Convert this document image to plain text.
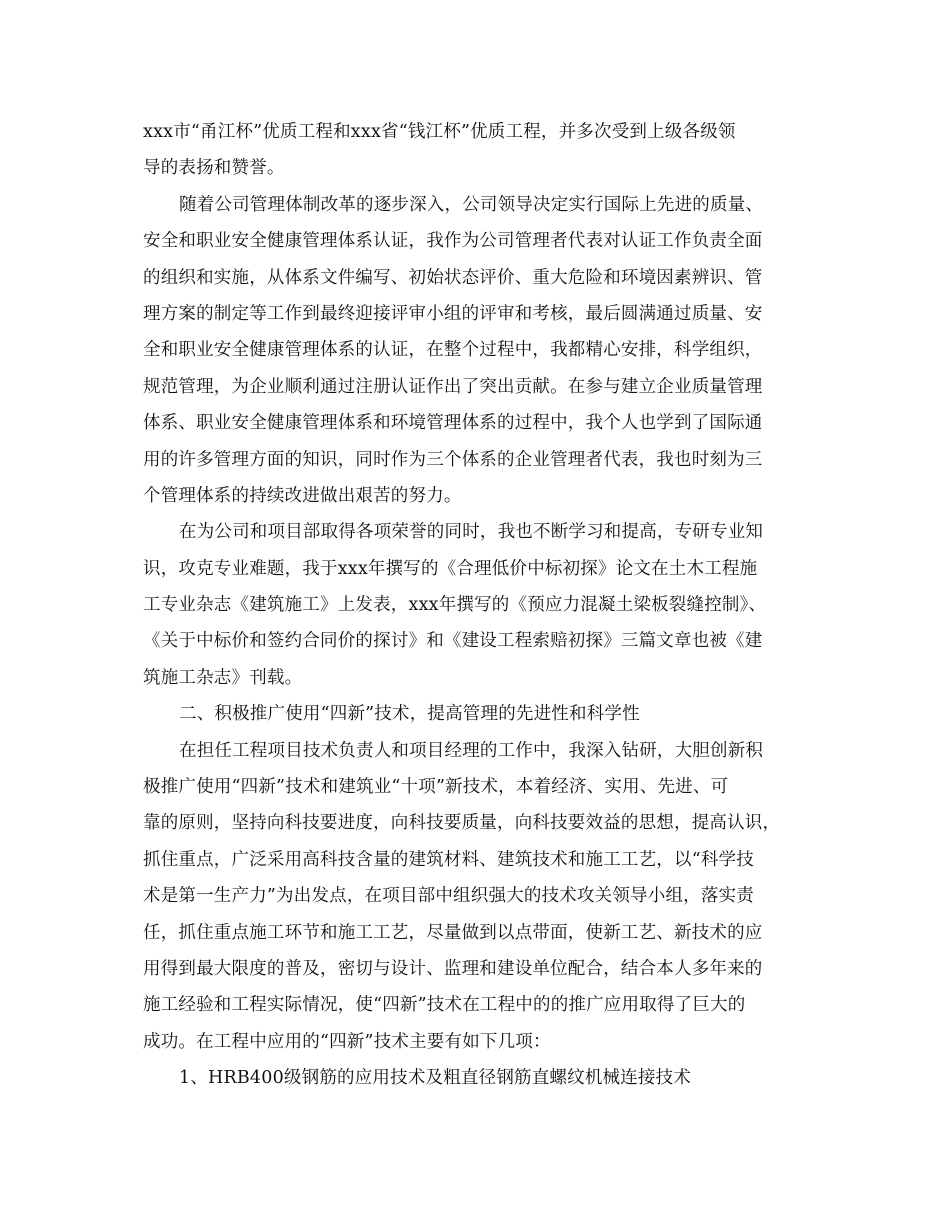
xxx市“甬江杯”优质工程和xxx省“钱江杯”优质工程，并多次受到上级各级领
导的表扬和赞誉。
随着公司管理体制改革的逐步深入，公司领导决定实行国际上先进的质量、
安全和职业安全健康管理体系认证，我作为公司管理者代表对认证工作负责全面
的组织和实施，从体系文件编写、初始状态评价、重大危险和环境因素辨识、管
理方案的制定等工作到最终迎接评审小组的评审和考核，最后圆满通过质量、安
全和职业安全健康管理体系的认证，在整个过程中，我都精心安排，科学组织，
规范管理，为企业顺利通过注册认证作出了突出贡献。在参与建立企业质量管理
体系、职业安全健康管理体系和环境管理体系的过程中，我个人也学到了国际通
用的许多管理方面的知识，同时作为三个体系的企业管理者代表，我也时刻为三
个管理体系的持续改进做出艰苦的努力。
在为公司和项目部取得各项荣誉的同时，我也不断学习和提高，专研专业知
识，攻克专业难题，我于xxx年撰写的《合理低价中标初探》论文在土木工程施
工专业杂志《建筑施工》上发表，xxx年撰写的《预应力混凝土梁板裂缝控制》、
《关于中标价和签约合同价的探讨》和《建设工程索赔初探》三篇文章也被《建
筑施工杂志》刊载。
二、积极推广使用“四新”技术，提高管理的先进性和科学性
在担任工程项目技术负责人和项目经理的工作中，我深入钻研，大胆创新积
极推广使用“四新”技术和建筑业“十项”新技术，本着经济、实用、先进、可
靠的原则，坚持向科技要进度，向科技要质量，向科技要效益的思想，提高认识，
抓住重点，广泛采用高科技含量的建筑材料、建筑技术和施工工艺，以“科学技
术是第一生产力”为出发点，在项目部中组织强大的技术攻关领导小组，落实责
任，抓住重点施工环节和施工工艺，尽量做到以点带面，使新工艺、新技术的应
用得到最大限度的普及，密切与设计、监理和建设单位配合，结合本人多年来的
施工经验和工程实际情况，使“四新”技术在工程中的的推广应用取得了巨大的
成功。在工程中应用的“四新”技术主要有如下几项：
1、HRB400级钢筋的应用技术及粗直径钢筋直螺纹机械连接技术
